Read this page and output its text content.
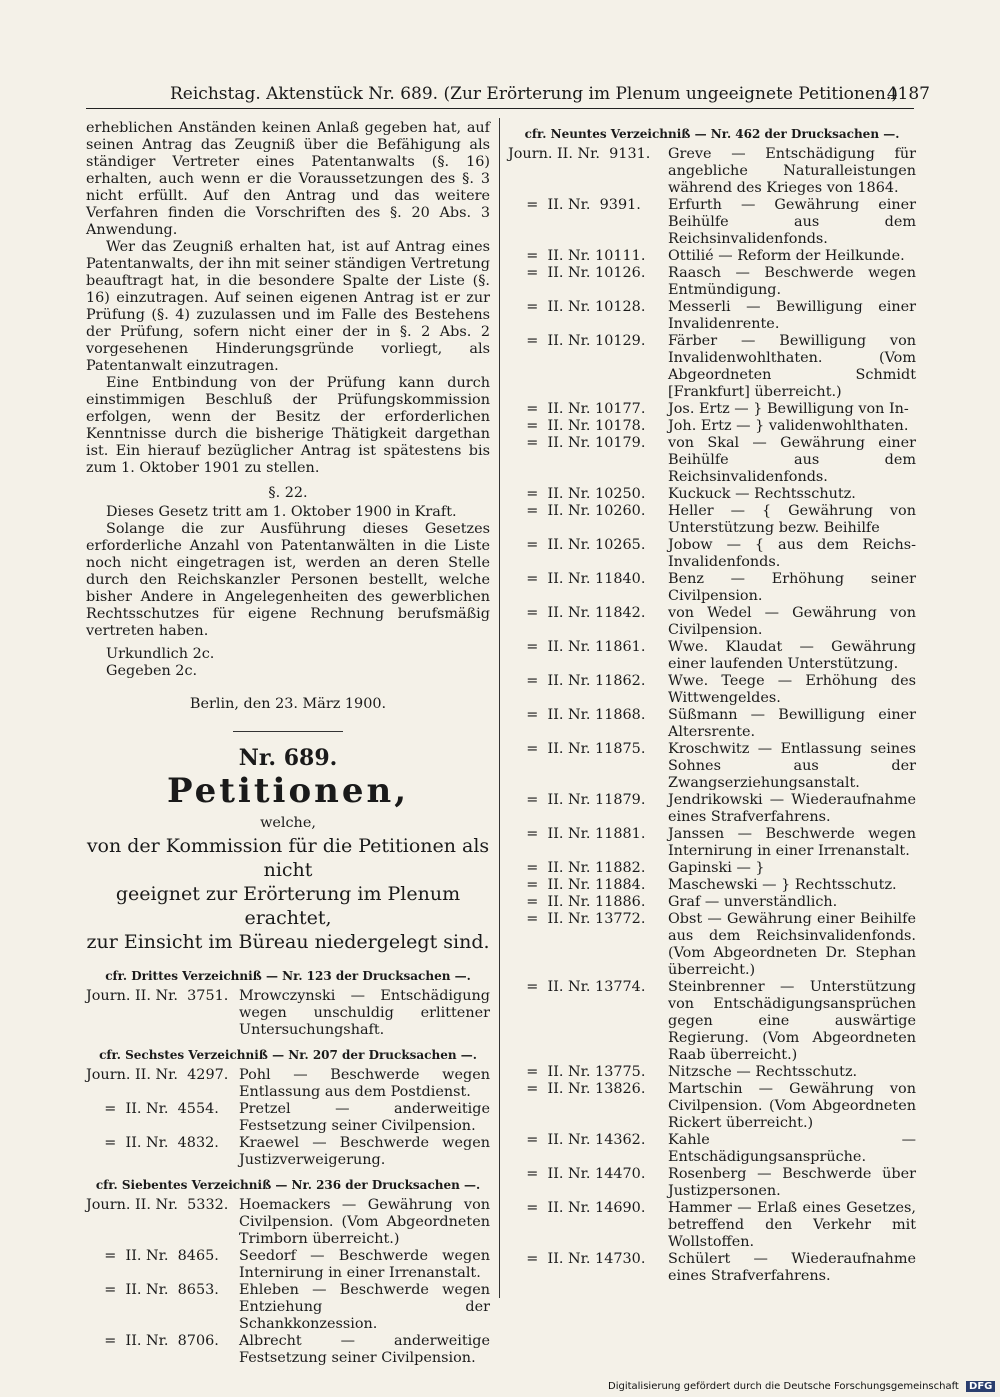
Reichstag. Aktenstück Nr. 689. (Zur Erörterung im Plenum ungeeignete Petitionen.)
4187

erheblichen Anständen keinen Anlaß gegeben hat, auf seinen Antrag das Zeugniß über die Befähigung als ständiger Vertreter eines Patentanwalts (§. 16) erhalten, auch wenn er die Voraussetzungen des §. 3 nicht erfüllt. Auf den Antrag und das weitere Verfahren finden die Vorschriften des §. 20 Abs. 3 Anwendung.

Wer das Zeugniß erhalten hat, ist auf Antrag eines Patentanwalts, der ihn mit seiner ständigen Vertretung beauftragt hat, in die besondere Spalte der Liste (§. 16) einzutragen. Auf seinen eigenen Antrag ist er zur Prüfung (§. 4) zuzulassen und im Falle des Bestehens der Prüfung, sofern nicht einer der in §. 2 Abs. 2 vorgesehenen Hinderungsgründe vorliegt, als Patentanwalt einzutragen.

Eine Entbindung von der Prüfung kann durch einstimmigen Beschluß der Prüfungskommission erfolgen, wenn der Besitz der erforderlichen Kenntnisse durch die bisherige Thätigkeit dargethan ist. Ein hierauf bezüglicher Antrag ist spätestens bis zum 1. Oktober 1901 zu stellen.

§. 22.

Dieses Gesetz tritt am 1. Oktober 1900 in Kraft.

Solange die zur Ausführung dieses Gesetzes erforderliche Anzahl von Patentanwälten in die Liste noch nicht eingetragen ist, werden an deren Stelle durch den Reichskanzler Personen bestellt, welche bisher Andere in Angelegenheiten des gewerblichen Rechtsschutzes für eigene Rechnung berufsmäßig vertreten haben.

Urkundlich 2c.

Gegeben 2c.

Berlin, den 23. März 1900.

Nr. 689.

Petitionen,

welche,

von der Kommission für die Petitionen als nicht
geeignet zur Erörterung im Plenum erachtet,
zur Einsicht im Büreau niedergelegt sind.
cfr. Drittes Verzeichniß — Nr. 123 der Drucksachen —.
Journ. II. Nr.  3751. Mrowczynski — Entschädigung wegen unschuldig erlittener Untersuchungshaft.
cfr. Sechstes Verzeichniß — Nr. 207 der Drucksachen —.
Journ. II. Nr.  4297. Pohl — Beschwerde wegen Entlassung aus dem Postdienst.
=  II. Nr.  4554.	Pretzel — anderweitige Festsetzung seiner Civilpension.
=  II. Nr.  4832.	Kraewel — Beschwerde wegen Justizverweigerung.
cfr. Siebentes Verzeichniß — Nr. 236 der Drucksachen —.
Journ. II. Nr.  5332. Hoemackers — Gewährung von Civilpension. (Vom Abgeordneten Trimborn überreicht.)
=  II. Nr.  8465.	Seedorf — Beschwerde wegen Internirung in einer Irrenanstalt.
=  II. Nr.  8653.	Ehleben — Beschwerde wegen Entziehung der Schankkonzession.
=  II. Nr.  8706.	Albrecht — anderweitige Festsetzung seiner Civilpension.
cfr. Neuntes Verzeichniß — Nr. 462 der Drucksachen —.
Journ. II. Nr.  9131.	Greve — Entschädigung für angebliche Naturalleistungen während des Krieges von 1864.
=  II. Nr.  9391.	Erfurth — Gewährung einer Beihülfe aus dem Reichsinvalidenfonds.
=  II. Nr. 10111.	Ottilié — Reform der Heilkunde.
=  II. Nr. 10126.	Raasch — Beschwerde wegen Entmündigung.
=  II. Nr. 10128.	Messerli — Bewilligung einer Invalidenrente.
=  II. Nr. 10129.	Färber — Bewilligung von Invalidenwohlthaten. (Vom Abgeordneten Schmidt [Frankfurt] überreicht.)
=  II. Nr. 10177.	Jos. Ertz — } Bewilligung von In-
=  II. Nr. 10178.	Joh. Ertz — } validenwohlthaten.
=  II. Nr. 10179.	von Skal — Gewährung einer Beihülfe aus dem Reichsinvalidenfonds.
=  II. Nr. 10250.	Kuckuck — Rechtsschutz.
=  II. Nr. 10260.	Heller — { Gewährung von Unterstützung bezw. Beihilfe
=  II. Nr. 10265.	Jobow — { aus dem Reichs-Invalidenfonds.
=  II. Nr. 11840.	Benz — Erhöhung seiner Civilpension.
=  II. Nr. 11842.	von Wedel — Gewährung von Civilpension.
=  II. Nr. 11861.	Wwe. Klaudat — Gewährung einer laufenden Unterstützung.
=  II. Nr. 11862.	Wwe. Teege — Erhöhung des Wittwengeldes.
=  II. Nr. 11868.	Süßmann — Bewilligung einer Altersrente.
=  II. Nr. 11875.	Kroschwitz — Entlassung seines Sohnes aus der Zwangserziehungsanstalt.
=  II. Nr. 11879.	Jendrikowski — Wiederaufnahme eines Strafverfahrens.
=  II. Nr. 11881.	Janssen — Beschwerde wegen Internirung in einer Irrenanstalt.
=  II. Nr. 11882.	Gapinski — }
=  II. Nr. 11884.	Maschewski — } Rechtsschutz.
=  II. Nr. 11886.	Graf — unverständlich.
=  II. Nr. 13772.	Obst — Gewährung einer Beihilfe aus dem Reichsinvalidenfonds. (Vom Abgeordneten Dr. Stephan überreicht.)
=  II. Nr. 13774.	Steinbrenner — Unterstützung von Entschädigungsansprüchen gegen eine auswärtige Regierung. (Vom Abgeordneten Raab überreicht.)
=  II. Nr. 13775.	Nitzsche — Rechtsschutz.
=  II. Nr. 13826.	Martschin — Gewährung von Civilpension. (Vom Abgeordneten Rickert überreicht.)
=  II. Nr. 14362.	Kahle — Entschädigungsansprüche.
=  II. Nr. 14470.	Rosenberg — Beschwerde über Justizpersonen.
=  II. Nr. 14690.	Hammer — Erlaß eines Gesetzes, betreffend den Verkehr mit Wollstoffen.
=  II. Nr. 14730.	Schülert — Wiederaufnahme eines Strafverfahrens.
Digitalisierung gefördert durch die Deutsche Forschungsgemeinschaft DFG
